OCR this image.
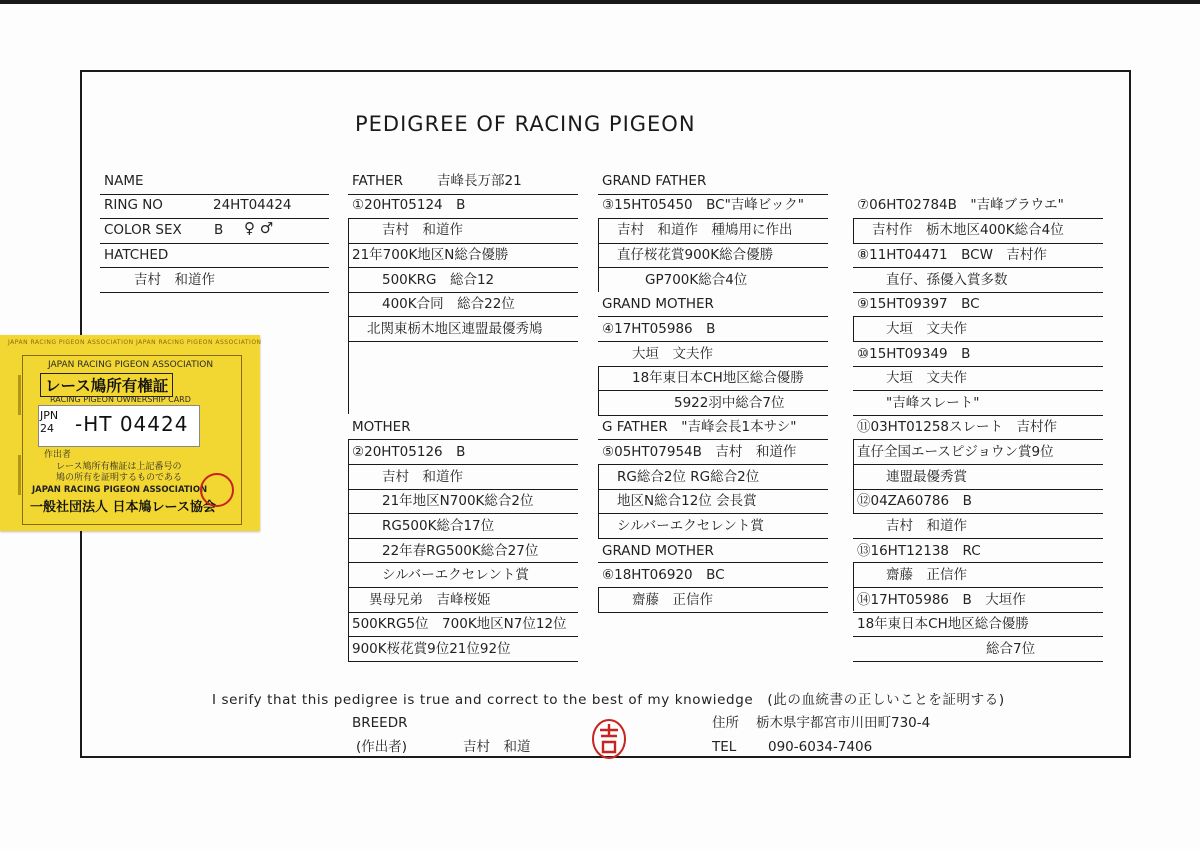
PEDIGREE OF RACING PIGEON
NAME
RING NO	24HT04424
COLOR SEX B ♀ ♂
HATCHED
吉村　和道作
FATHER	吉峰長万部21
①20HT05124　B
吉村　和道作
21年700K地区N総合優勝
500KRG　総合12
400K合同　総合22位
北関東栃木地区連盟最優秀鳩
MOTHER
②20HT05126　B
吉村　和道作
21年地区N700K総合2位
RG500K総合17位
22年春RG500K総合27位
シルバーエクセレント賞
異母兄弟　吉峰桜姫
500KRG5位　700K地区N7位12位
900K桜花賞9位21位92位
GRAND FATHER
③15HT05450　BC"吉峰ビック"
吉村　和道作　種鳩用に作出
直仔桜花賞900K総合優勝
GP700K総合4位
GRAND MOTHER
④17HT05986　B
大垣　文夫作
18年東日本CH地区総合優勝
5922羽中総合7位
G FATHER　"吉峰会長1本サシ"
⑤05HT07954B　吉村　和道作
RG総合2位 RG総合2位
地区N総合12位 会長賞
シルバーエクセレント賞
GRAND MOTHER
⑥18HT06920　BC
齋藤　正信作
⑦06HT02784B　"吉峰ブラウエ"
吉村作　栃木地区400K総合4位
⑧11HT04471　BCW　吉村作
直仔、孫優入賞多数
⑨15HT09397　BC
大垣　文夫作
⑩15HT09349　B
大垣　文夫作
"吉峰スレート"
⑪03HT01258スレート　吉村作
直仔全国エースピジョウン賞9位
連盟最優秀賞
⑫04ZA60786　B
吉村　和道作
⑬16HT12138　RC
齋藤　正信作
⑭17HT05986　B　大垣作
18年東日本CH地区総合優勝
総合7位
I serify that this pedigree is true and correct to the best of my knowiedge　(此の血統書の正しいことを証明する)
BREEDR
(作出者)	吉村　和道
住所 栃木県宇都宮市川田町730-4
TEL 090-6034-7406
JAPAN RACING PIGEON ASSOCIATION JAPAN RACING PIGEON ASSOCIATION
JAPAN RACING PIGEON ASSOCIATION
レース鳩所有権証
RACING PIGEON OWNERSHIP CARD
JPN
24 -HT 04424
作出者
レース鳩所有権証は上記番号の
鳩の所有を証明するものである
JAPAN RACING PIGEON ASSOCIATION
一般社団法人 日本鳩レース協会
